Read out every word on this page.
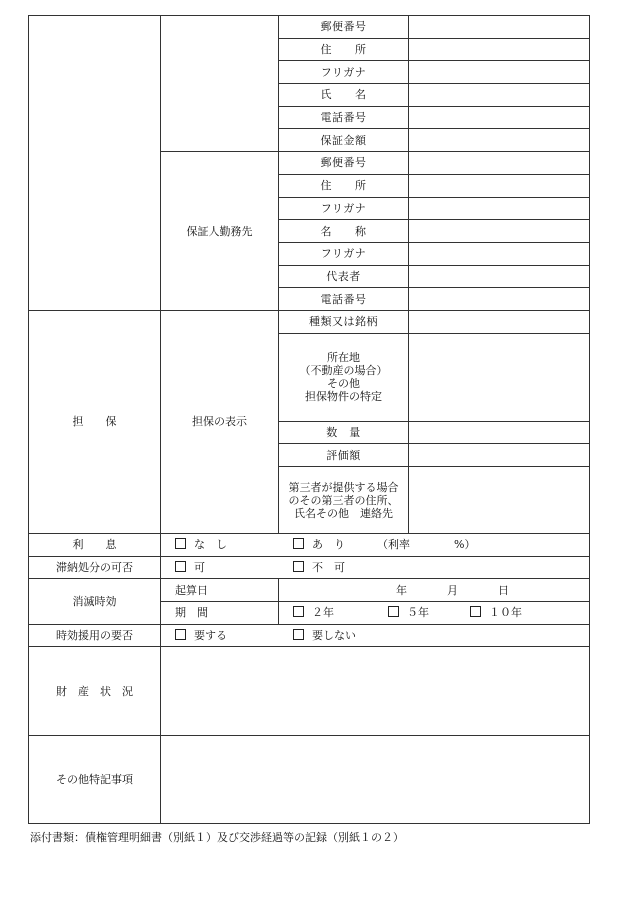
		郵便番号	
		住　　所	
		フリガナ	
		氏　　名	
		電話番号	
		保証金額	
	保証人勤務先	郵便番号	
		住　　所	
		フリガナ	
		名　　称	
		フリガナ	
		代表者	
		電話番号	
担　　保	担保の表示	種類又は銘柄	

		所在地
（不動産の場合）
その他
担保物件の特定	

		数　量	
		評価額	

		第三者が提供する場合
のその第三者の住所、
氏名その他　連絡先	

利　　息	な　し あ　り （利率 %）		
滞納処分の可否	可 不　可		
消滅時効	起算日	年 月 日	
	期　間	２年 ５年 １０年	
時効援用の要否	要する 要しない		
財　産　状　況			
その他特記事項			
添付書類：債権管理明細書（別紙１）及び交渉経過等の記録（別紙１の２）
